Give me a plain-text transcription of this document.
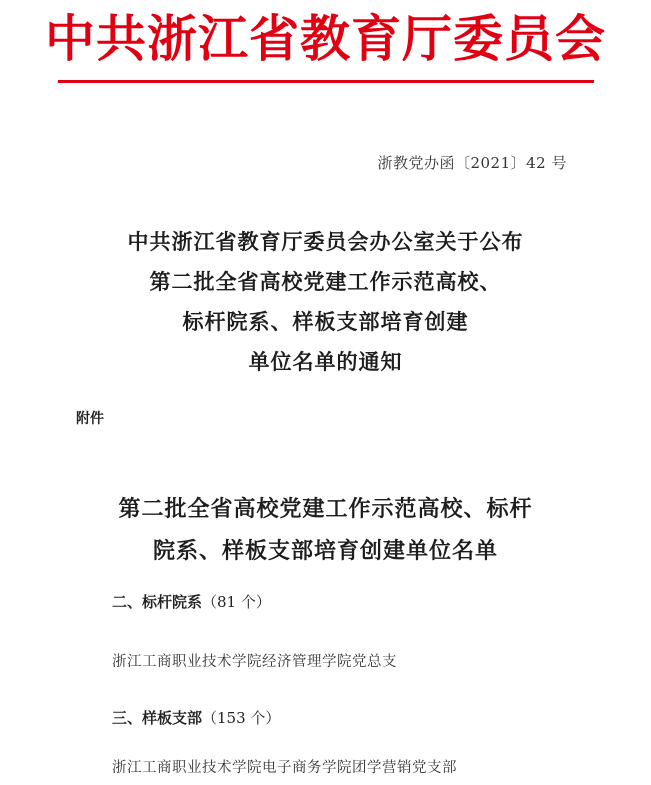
中共浙江省教育厅委员会
浙教党办函〔2021〕42 号
中共浙江省教育厅委员会办公室关于公布
第二批全省高校党建工作示范高校、
标杆院系、样板支部培育创建
单位名单的通知
附件
第二批全省高校党建工作示范高校、标杆
院系、样板支部培育创建单位名单
二、标杆院系（81 个）
浙江工商职业技术学院经济管理学院党总支
三、样板支部（153 个）
浙江工商职业技术学院电子商务学院团学营销党支部
